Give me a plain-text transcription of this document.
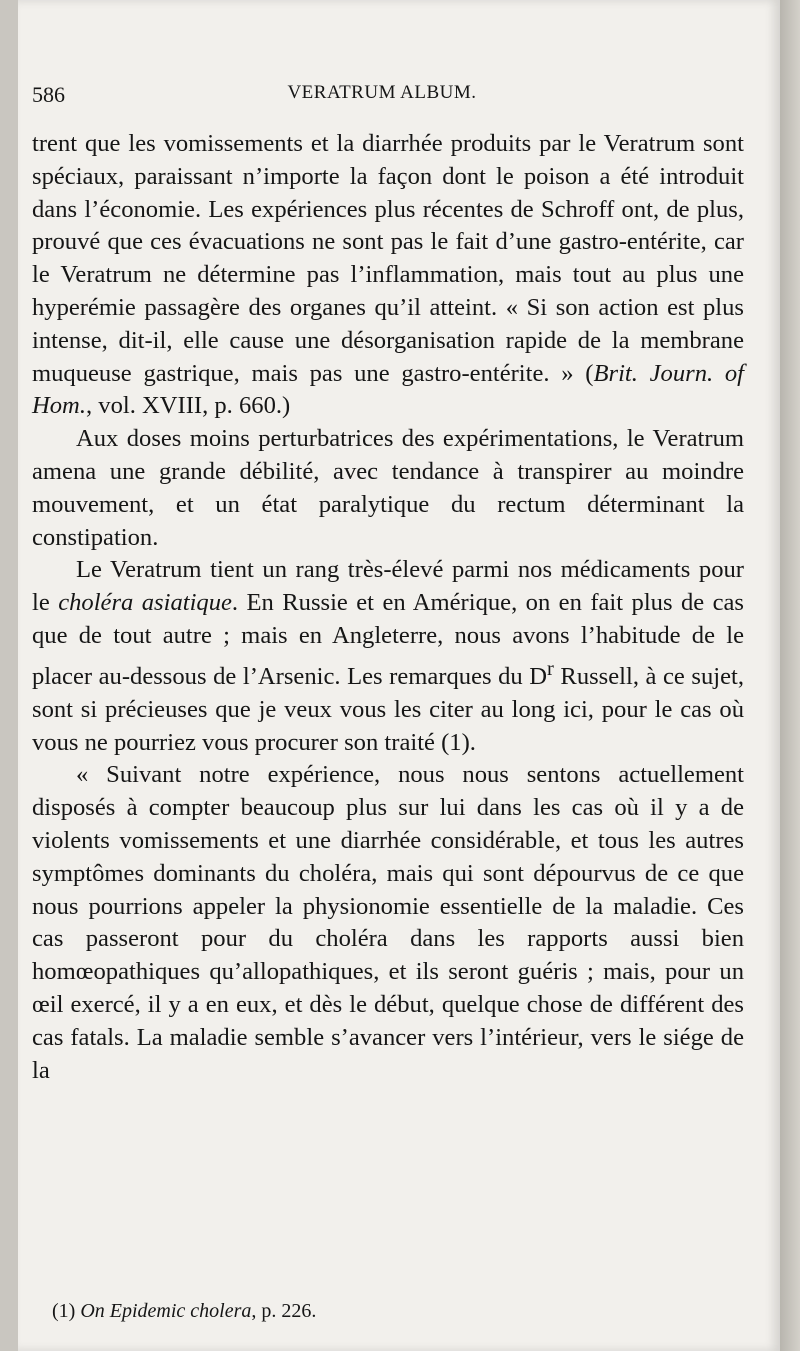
586	VERATRUM ALBUM.

trent que les vomissements et la diarrhée produits par le Veratrum sont spéciaux, paraissant n’importe la façon dont le poison a été introduit dans l’économie. Les expériences plus récentes de Schroff ont, de plus, prouvé que ces évacuations ne sont pas le fait d’une gastro-entérite, car le Veratrum ne détermine pas l’inflammation, mais tout au plus une hyperémie passagère des organes qu’il atteint. « Si son action est plus intense, dit-il, elle cause une désorganisation rapide de la membrane muqueuse gastrique, mais pas une gastro-entérite. » (Brit. Journ. of Hom., vol. XVIII, p. 660.)

Aux doses moins perturbatrices des expérimentations, le Veratrum amena une grande débilité, avec tendance à transpirer au moindre mouvement, et un état paralytique du rectum déterminant la constipation.

Le Veratrum tient un rang très-élevé parmi nos médicaments pour le choléra asiatique. En Russie et en Amérique, on en fait plus de cas que de tout autre ; mais en Angleterre, nous avons l’habitude de le placer au-dessous de l’Arsenic. Les remarques du $D^r$ Russell, à ce sujet, sont si précieuses que je veux vous les citer au long ici, pour le cas où vous ne pourriez vous procurer son traité (1).

« Suivant notre expérience, nous nous sentons actuellement disposés à compter beaucoup plus sur lui dans les cas où il y a de violents vomissements et une diarrhée considérable, et tous les autres symptômes dominants du choléra, mais qui sont dépourvus de ce que nous pourrions appeler la physionomie essentielle de la maladie. Ces cas passeront pour du choléra dans les rapports aussi bien homœopathiques qu’allopathiques, et ils seront guéris ; mais, pour un œil exercé, il y a en eux, et dès le début, quelque chose de différent des cas fatals. La maladie semble s’avancer vers l’intérieur, vers le siége de la

(1) On Epidemic cholera, p. 226.
